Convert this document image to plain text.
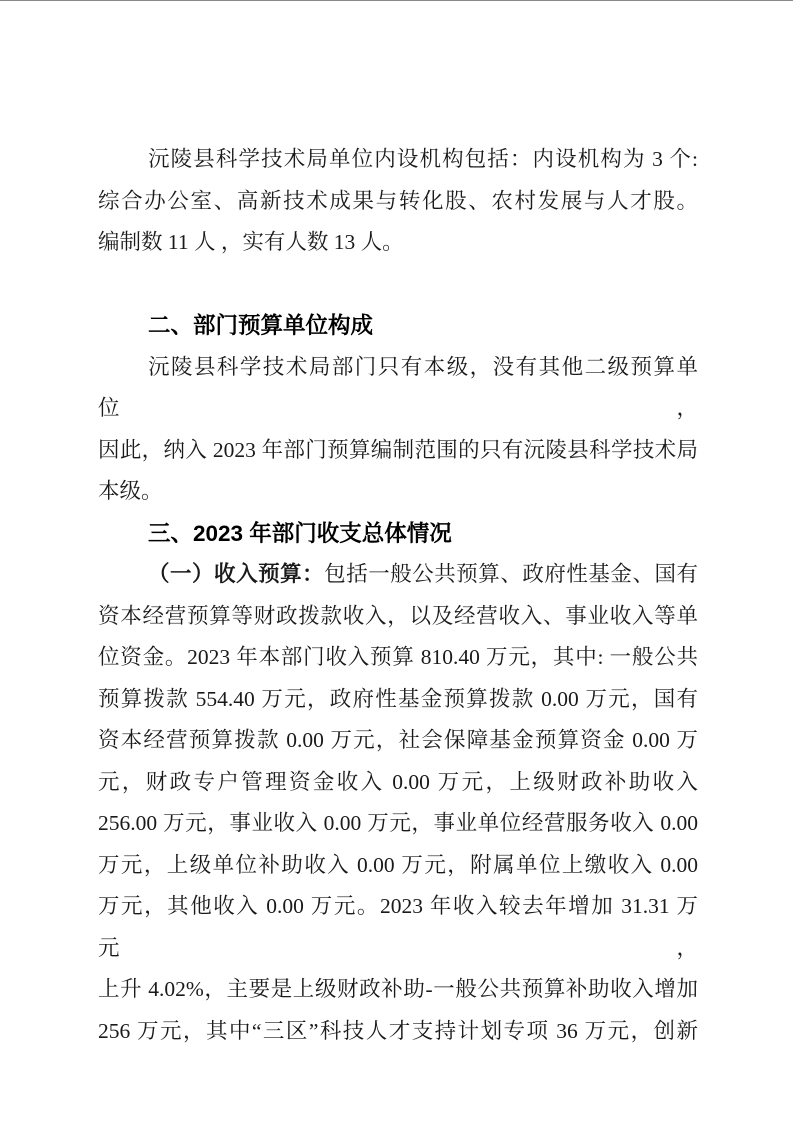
沅陵县科学技术局单位内设机构包括：内设机构为 3 个:

综合办公室、高新技术成果与转化股、农村发展与人才股。

编制数 11 人 ，实有人数 13 人。

二、部门预算单位构成

沅陵县科学技术局部门只有本级，没有其他二级预算单位，

因此，纳入 2023 年部门预算编制范围的只有沅陵县科学技术局

本级。

三、2023 年部门收支总体情况

（一）收入预算：包括一般公共预算、政府性基金、国有

资本经营预算等财政拨款收入，以及经营收入、事业收入等单

位资金。2023 年本部门收入预算 810.40 万元，其中: 一般公共

预算拨款 554.40 万元，政府性基金预算拨款 0.00 万元，国有

资本经营预算拨款 0.00 万元，社会保障基金预算资金 0.00 万

元，财政专户管理资金收入 0.00 万元，上级财政补助收入

256.00 万元，事业收入 0.00 万元，事业单位经营服务收入 0.00

万元，上级单位补助收入 0.00 万元，附属单位上缴收入 0.00

万元，其他收入 0.00 万元。2023 年收入较去年增加 31.31 万元，

上升 4.02%，主要是上级财政补助-一般公共预算补助收入增加

256 万元，其中“三区”科技人才支持计划专项 36 万元，创新
